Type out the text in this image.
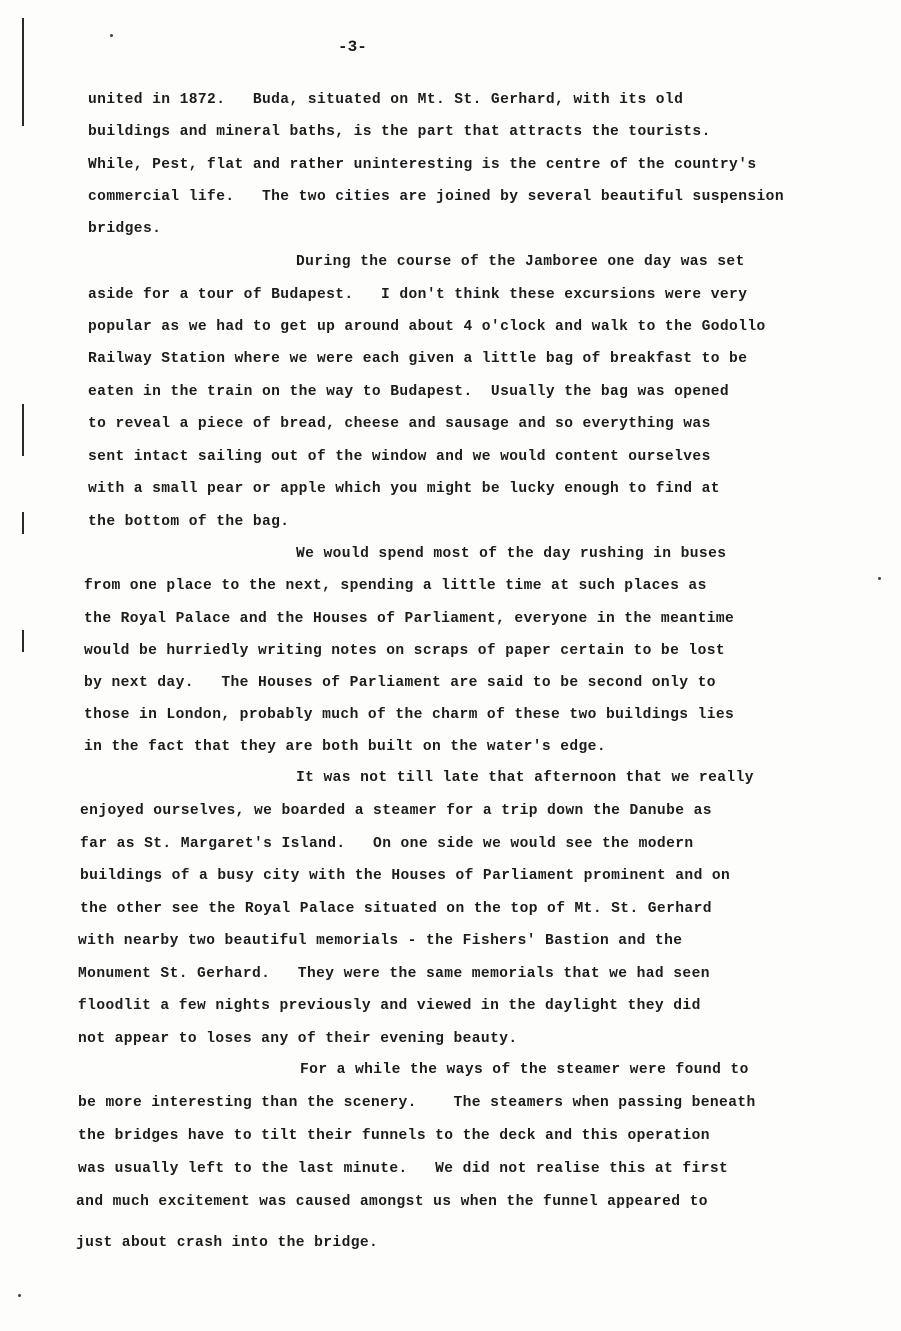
-3-
united in 1872.   Buda, situated on Mt. St. Gerhard, with its old
buildings and mineral baths, is the part that attracts the tourists.
While, Pest, flat and rather uninteresting is the centre of the country's
commercial life.   The two cities are joined by several beautiful suspension
bridges.
During the course of the Jamboree one day was set
aside for a tour of Budapest.   I don't think these excursions were very
popular as we had to get up around about 4 o'clock and walk to the Godollo
Railway Station where we were each given a little bag of breakfast to be
eaten in the train on the way to Budapest.  Usually the bag was opened
to reveal a piece of bread, cheese and sausage and so everything was
sent intact sailing out of the window and we would content ourselves
with a small pear or apple which you might be lucky enough to find at
the bottom of the bag.
We would spend most of the day rushing in buses
from one place to the next, spending a little time at such places as
the Royal Palace and the Houses of Parliament, everyone in the meantime
would be hurriedly writing notes on scraps of paper certain to be lost
by next day.   The Houses of Parliament are said to be second only to
those in London, probably much of the charm of these two buildings lies
in the fact that they are both built on the water's edge.
It was not till late that afternoon that we really
enjoyed ourselves, we boarded a steamer for a trip down the Danube as
far as St. Margaret's Island.   On one side we would see the modern
buildings of a busy city with the Houses of Parliament prominent and on
the other see the Royal Palace situated on the top of Mt. St. Gerhard
with nearby two beautiful memorials - the Fishers' Bastion and the
Monument St. Gerhard.   They were the same memorials that we had seen
floodlit a few nights previously and viewed in the daylight they did
not appear to loses any of their evening beauty.
For a while the ways of the steamer were found to
be more interesting than the scenery.    The steamers when passing beneath
the bridges have to tilt their funnels to the deck and this operation
was usually left to the last minute.   We did not realise this at first
and much excitement was caused amongst us when the funnel appeared to
just about crash into the bridge.
